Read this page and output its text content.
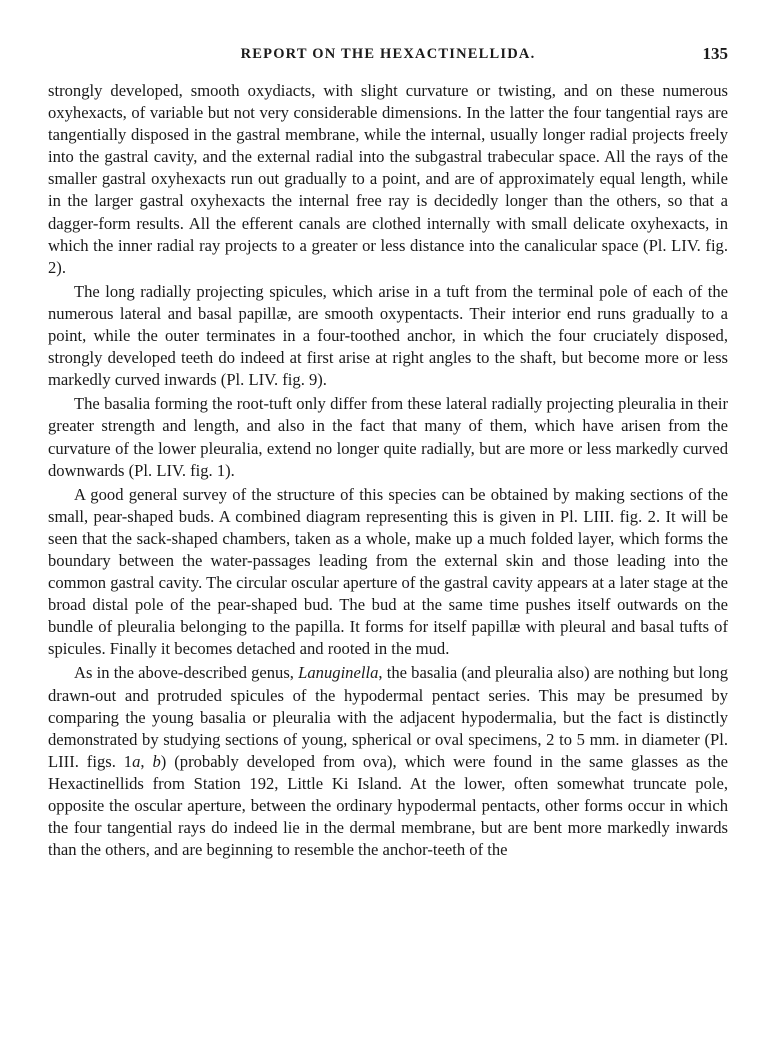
REPORT ON THE HEXACTINELLIDA.	135

strongly developed, smooth oxydiacts, with slight curvature or twisting, and on these numerous oxyhexacts, of variable but not very considerable dimensions. In the latter the four tangential rays are tangentially disposed in the gastral membrane, while the internal, usually longer radial projects freely into the gastral cavity, and the external radial into the subgastral trabecular space. All the rays of the smaller gastral oxyhexacts run out gradually to a point, and are of approximately equal length, while in the larger gastral oxyhexacts the internal free ray is decidedly longer than the others, so that a dagger-form results. All the efferent canals are clothed internally with small delicate oxyhexacts, in which the inner radial ray projects to a greater or less distance into the canalicular space (Pl. LIV. fig. 2).

The long radially projecting spicules, which arise in a tuft from the terminal pole of each of the numerous lateral and basal papillæ, are smooth oxypentacts. Their interior end runs gradually to a point, while the outer terminates in a four-toothed anchor, in which the four cruciately disposed, strongly developed teeth do indeed at first arise at right angles to the shaft, but become more or less markedly curved inwards (Pl. LIV. fig. 9).

The basalia forming the root-tuft only differ from these lateral radially projecting pleuralia in their greater strength and length, and also in the fact that many of them, which have arisen from the curvature of the lower pleuralia, extend no longer quite radially, but are more or less markedly curved downwards (Pl. LIV. fig. 1).

A good general survey of the structure of this species can be obtained by making sections of the small, pear-shaped buds. A combined diagram representing this is given in Pl. LIII. fig. 2. It will be seen that the sack-shaped chambers, taken as a whole, make up a much folded layer, which forms the boundary between the water-passages leading from the external skin and those leading into the common gastral cavity. The circular oscular aperture of the gastral cavity appears at a later stage at the broad distal pole of the pear-shaped bud. The bud at the same time pushes itself outwards on the bundle of pleuralia belonging to the papilla. It forms for itself papillæ with pleural and basal tufts of spicules. Finally it becomes detached and rooted in the mud.

As in the above-described genus, Lanuginella, the basalia (and pleuralia also) are nothing but long drawn-out and protruded spicules of the hypodermal pentact series. This may be presumed by comparing the young basalia or pleuralia with the adjacent hypodermalia, but the fact is distinctly demonstrated by studying sections of young, spherical or oval specimens, 2 to 5 mm. in diameter (Pl. LIII. figs. 1a, b) (probably developed from ova), which were found in the same glasses as the Hexactinellids from Station 192, Little Ki Island. At the lower, often somewhat truncate pole, opposite the oscular aperture, between the ordinary hypodermal pentacts, other forms occur in which the four tangential rays do indeed lie in the dermal membrane, but are bent more markedly inwards than the others, and are beginning to resemble the anchor-teeth of the
